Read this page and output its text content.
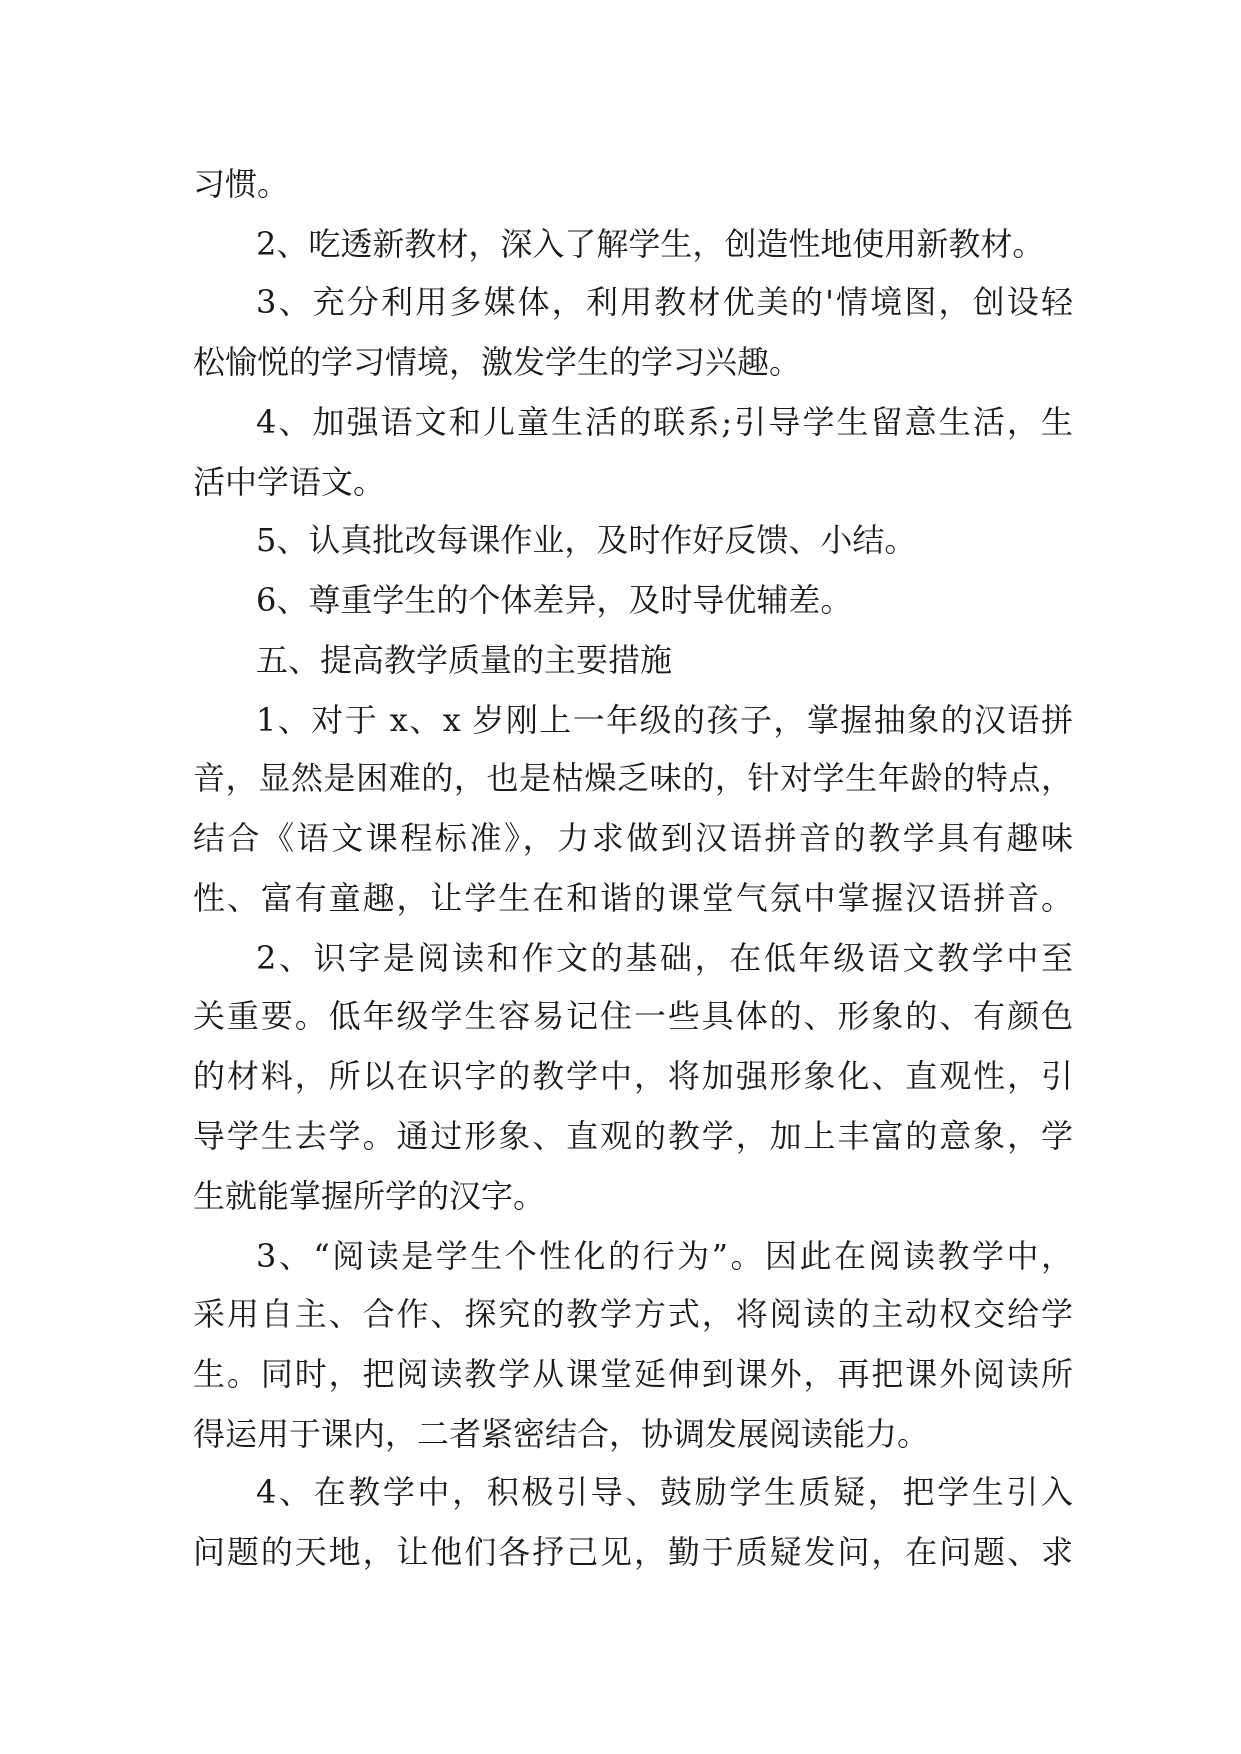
习惯。
2、吃透新教材，深入了解学生，创造性地使用新教材。
3、充分利用多媒体，利用教材优美的'情境图，创设轻
松愉悦的学习情境，激发学生的学习兴趣。
4、加强语文和儿童生活的联系;引导学生留意生活，生
活中学语文。
5、认真批改每课作业，及时作好反馈、小结。
6、尊重学生的个体差异，及时导优辅差。
五、提高教学质量的主要措施
1、对于 x、x 岁刚上一年级的孩子，掌握抽象的汉语拼
音，显然是困难的，也是枯燥乏味的，针对学生年龄的特点，
结合《语文课程标准》，力求做到汉语拼音的教学具有趣味
性、富有童趣，让学生在和谐的课堂气氛中掌握汉语拼音。
2、识字是阅读和作文的基础，在低年级语文教学中至
关重要。低年级学生容易记住一些具体的、形象的、有颜色
的材料，所以在识字的教学中，将加强形象化、直观性，引
导学生去学。通过形象、直观的教学，加上丰富的意象，学
生就能掌握所学的汉字。
3、“阅读是学生个性化的行为”。因此在阅读教学中，
采用自主、合作、探究的教学方式，将阅读的主动权交给学
生。同时，把阅读教学从课堂延伸到课外，再把课外阅读所
得运用于课内，二者紧密结合，协调发展阅读能力。
4、在教学中，积极引导、鼓励学生质疑，把学生引入
问题的天地，让他们各抒己见，勤于质疑发问，在问题、求
